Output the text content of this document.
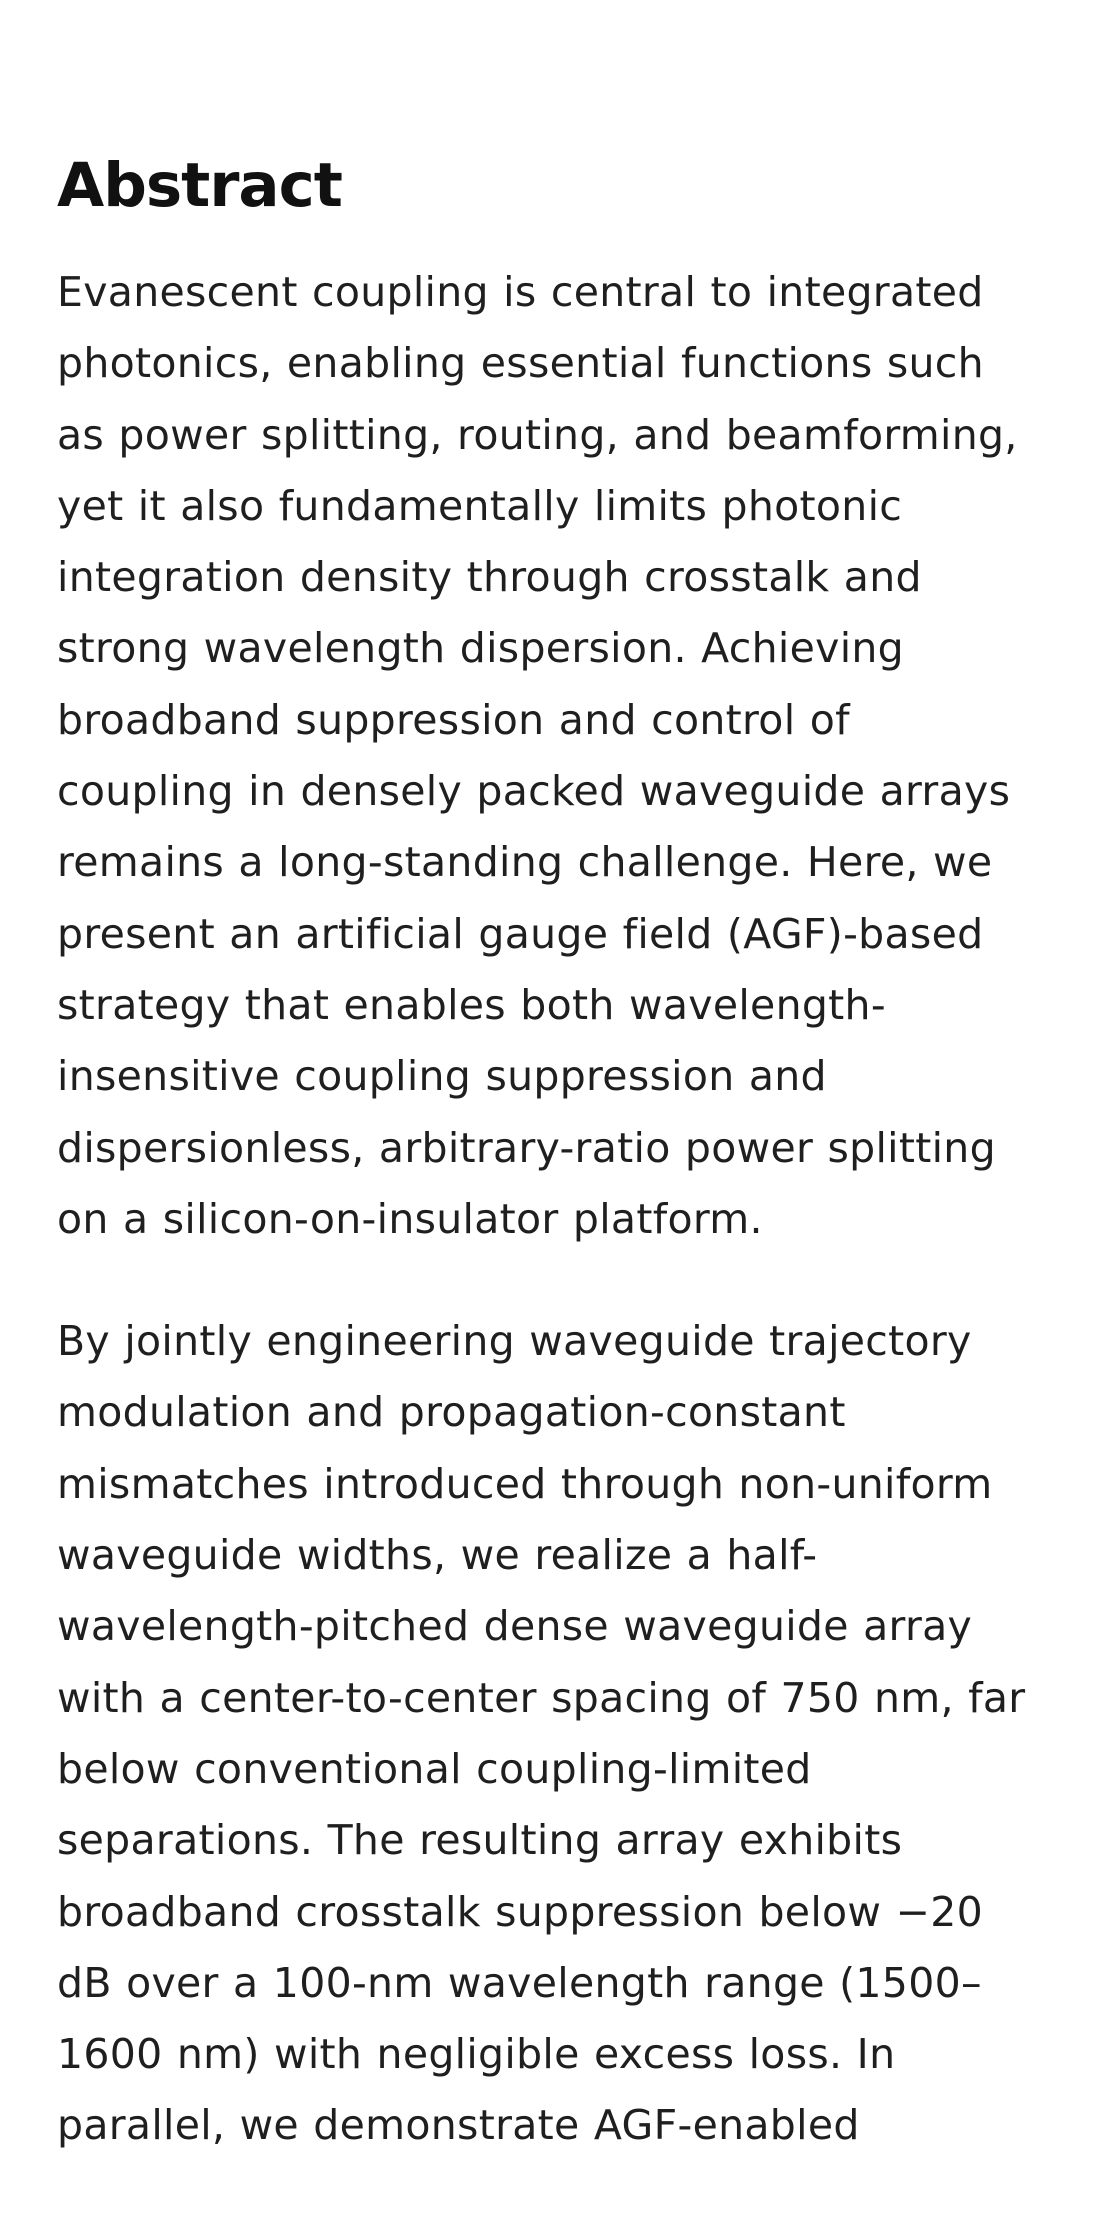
Abstract

Evanescent coupling is central to integrated
photonics, enabling essential functions such
as power splitting, routing, and beamforming,
yet it also fundamentally limits photonic
integration density through crosstalk and
strong wavelength dispersion. Achieving
broadband suppression and control of
coupling in densely packed waveguide arrays
remains a long-standing challenge. Here, we
present an artificial gauge field (AGF)-based
strategy that enables both wavelength-
insensitive coupling suppression and
dispersionless, arbitrary-ratio power splitting
on a silicon-on-insulator platform.

By jointly engineering waveguide trajectory
modulation and propagation-constant
mismatches introduced through non-uniform
waveguide widths, we realize a half-
wavelength-pitched dense waveguide array
with a center-to-center spacing of 750 nm, far
below conventional coupling-limited
separations. The resulting array exhibits
broadband crosstalk suppression below −20
dB over a 100-nm wavelength range (1500–
1600 nm) with negligible excess loss. In
parallel, we demonstrate AGF-enabled
